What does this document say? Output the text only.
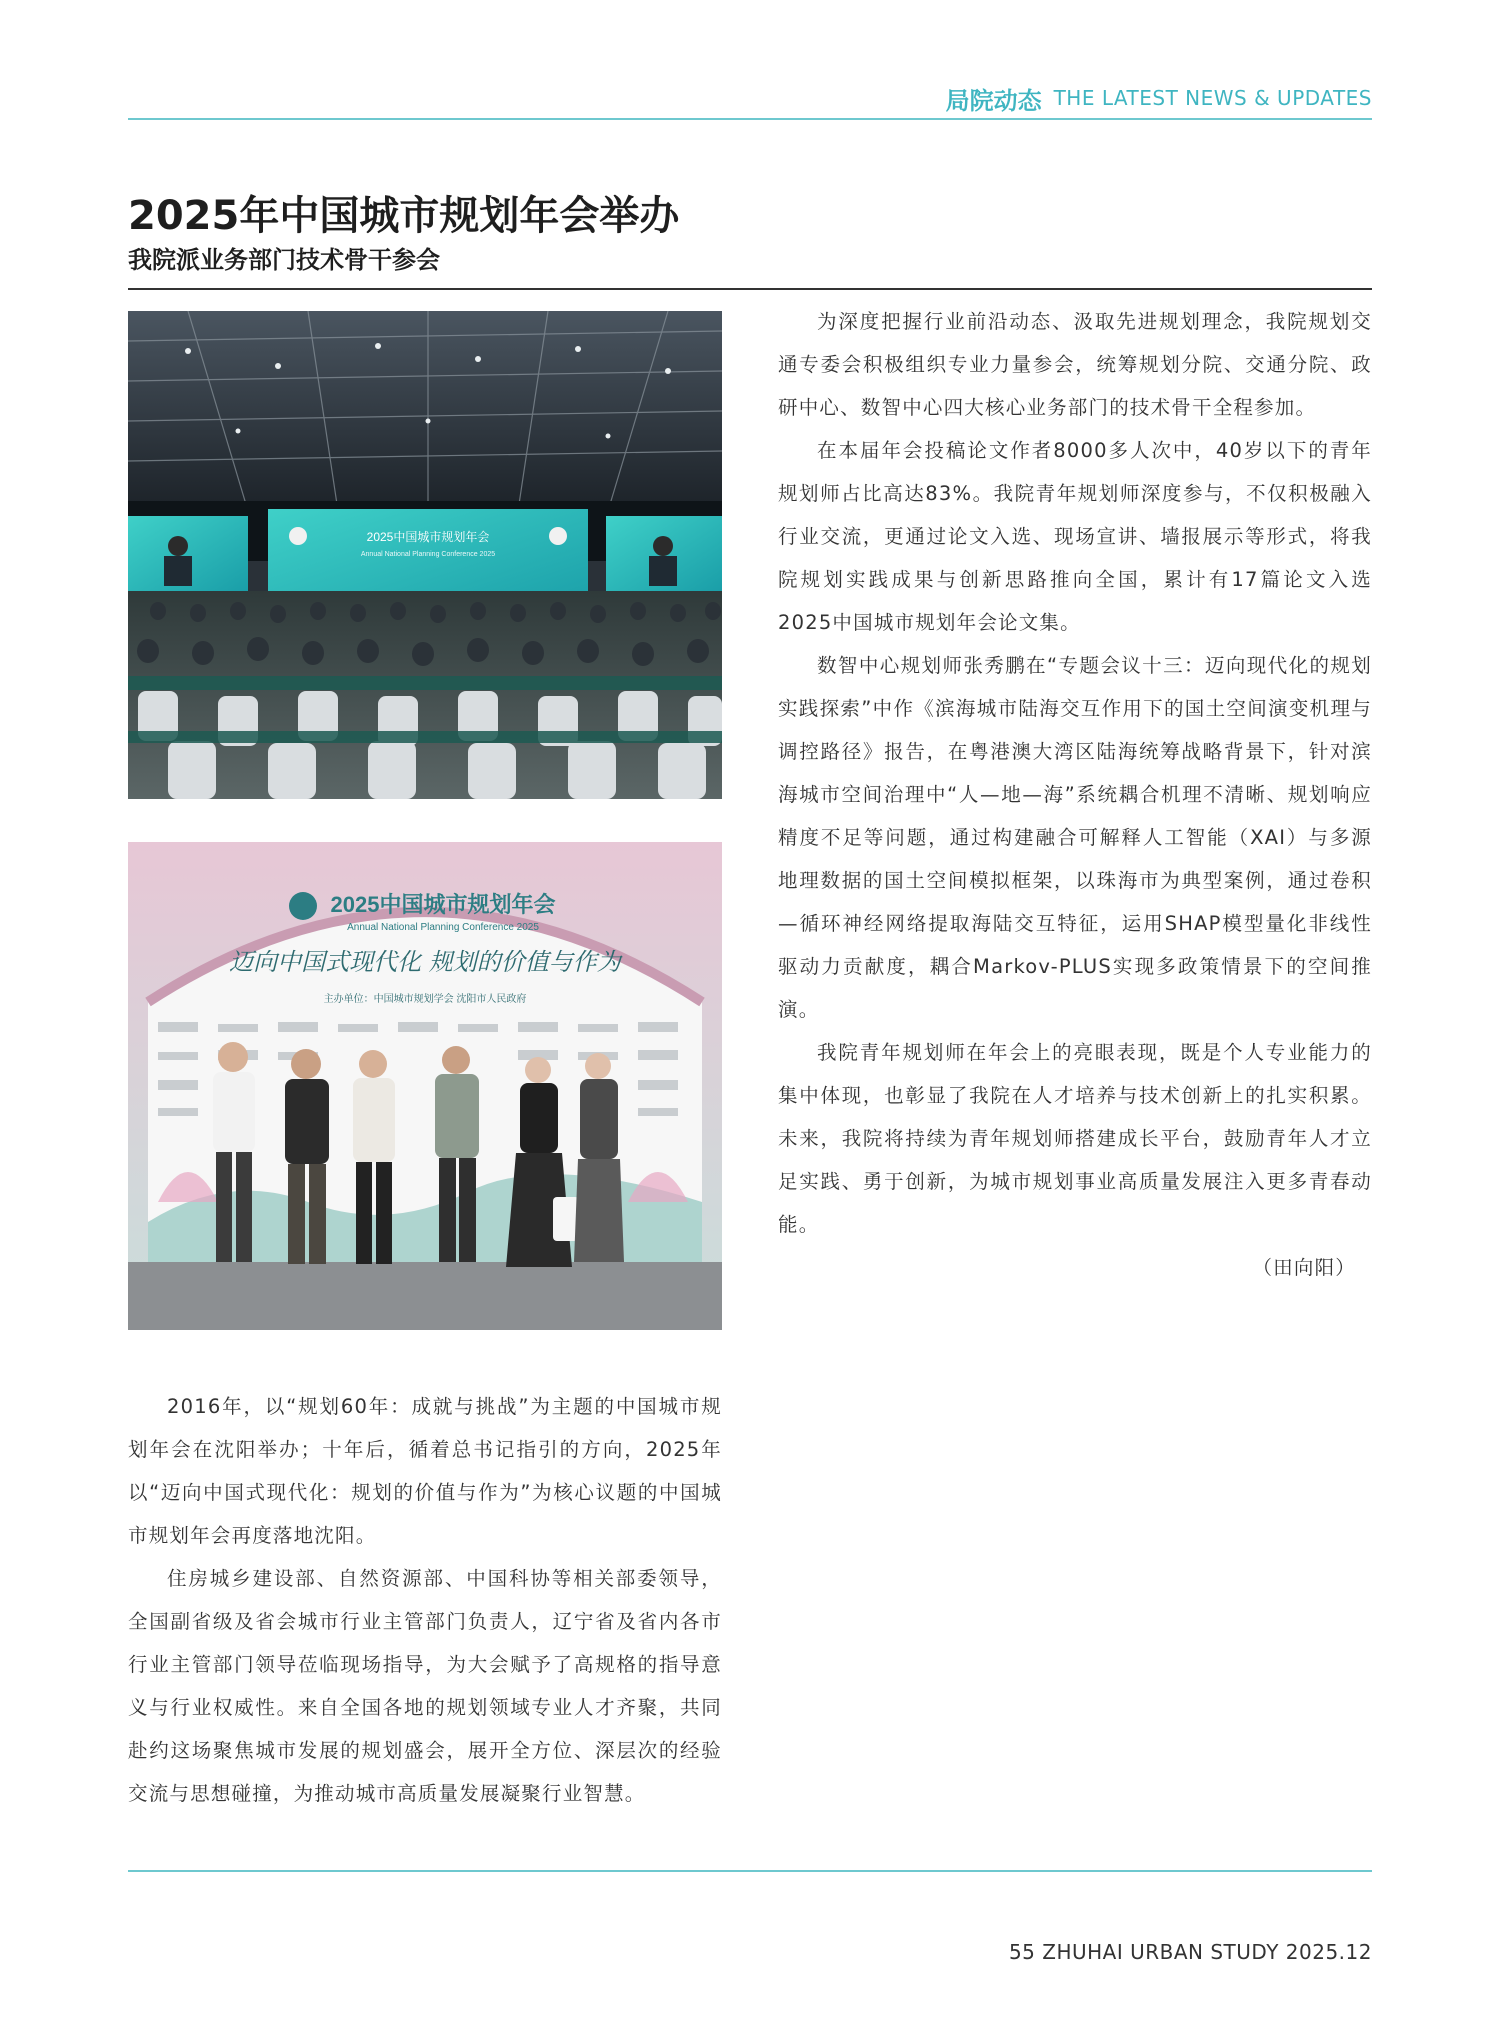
局院动态 THE LATEST NEWS & UPDATES
2025年中国城市规划年会举办
我院派业务部门技术骨干参会
2025中国城市规划年会
Annual National Planning Conference 2025
2025中国城市规划年会
Annual National Planning Conference 2025
迈向中国式现代化 规划的价值与作为
主办单位：中国城市规划学会 沈阳市人民政府

为深度把握行业前沿动态、汲取先进规划理念，我院规划交通专委会积极组织专业力量参会，统筹规划分院、交通分院、政研中心、数智中心四大核心业务部门的技术骨干全程参加。

在本届年会投稿论文作者8000多人次中，40岁以下的青年规划师占比高达83%。我院青年规划师深度参与，不仅积极融入行业交流，更通过论文入选、现场宣讲、墙报展示等形式，将我院规划实践成果与创新思路推向全国，累计有17篇论文入选2025中国城市规划年会论文集。

数智中心规划师张秀鹏在“专题会议十三：迈向现代化的规划实践探索”中作《滨海城市陆海交互作用下的国土空间演变机理与调控路径》报告，在粤港澳大湾区陆海统筹战略背景下，针对滨海城市空间治理中“人—地—海”系统耦合机理不清晰、规划响应精度不足等问题，通过构建融合可解释人工智能（XAI）与多源地理数据的国土空间模拟框架，以珠海市为典型案例，通过卷积—循环神经网络提取海陆交互特征，运用SHAP模型量化非线性驱动力贡献度，耦合Markov-PLUS实现多政策情景下的空间推演。

我院青年规划师在年会上的亮眼表现，既是个人专业能力的集中体现，也彰显了我院在人才培养与技术创新上的扎实积累。未来，我院将持续为青年规划师搭建成长平台，鼓励青年人才立足实践、勇于创新，为城市规划事业高质量发展注入更多青春动能。

（田向阳）

2016年，以“规划60年：成就与挑战”为主题的中国城市规划年会在沈阳举办；十年后，循着总书记指引的方向，2025年以“迈向中国式现代化：规划的价值与作为”为核心议题的中国城市规划年会再度落地沈阳。

住房城乡建设部、自然资源部、中国科协等相关部委领导，全国副省级及省会城市行业主管部门负责人，辽宁省及省内各市行业主管部门领导莅临现场指导，为大会赋予了高规格的指导意义与行业权威性。来自全国各地的规划领域专业人才齐聚，共同赴约这场聚焦城市发展的规划盛会，展开全方位、深层次的经验交流与思想碰撞，为推动城市高质量发展凝聚行业智慧。

55 ZHUHAI URBAN STUDY 2025.12
